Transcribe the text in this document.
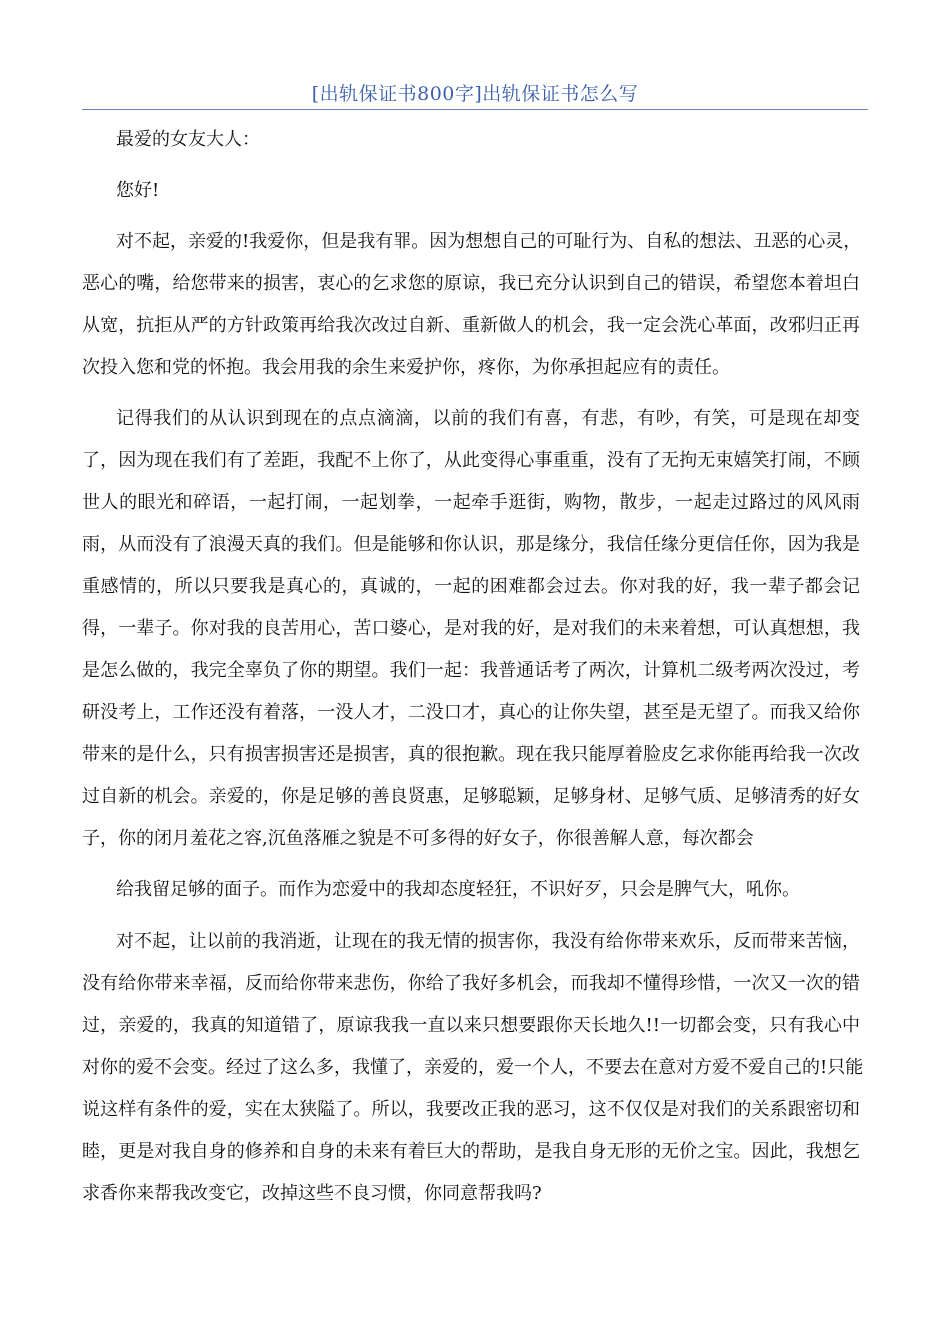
[出轨保证书800字]出轨保证书怎么写
最爱的女友大人：
您好!
对不起，亲爱的!我爱你，但是我有罪。因为想想自己的可耻行为、自私的想法、丑恶的心灵，
恶心的嘴，给您带来的损害，衷心的乞求您的原谅，我已充分认识到自己的错误，希望您本着坦白
从宽，抗拒从严的方针政策再给我次改过自新、重新做人的机会，我一定会洗心革面，改邪归正再
次投入您和党的怀抱。我会用我的余生来爱护你，疼你，为你承担起应有的责任。
记得我们的从认识到现在的点点滴滴，以前的我们有喜，有悲，有吵，有笑，可是现在却变
了，因为现在我们有了差距，我配不上你了，从此变得心事重重，没有了无拘无束嬉笑打闹，不顾
世人的眼光和碎语，一起打闹，一起划拳，一起牵手逛街，购物，散步，一起走过路过的风风雨
雨，从而没有了浪漫天真的我们。但是能够和你认识，那是缘分，我信任缘分更信任你，因为我是
重感情的，所以只要我是真心的，真诚的，一起的困难都会过去。你对我的好，我一辈子都会记
得，一辈子。你对我的良苦用心，苦口婆心，是对我的好，是对我们的未来着想，可认真想想，我
是怎么做的，我完全辜负了你的期望。我们一起：我普通话考了两次，计算机二级考两次没过，考
研没考上，工作还没有着落，一没人才，二没口才，真心的让你失望，甚至是无望了。而我又给你
带来的是什么，只有损害损害还是损害，真的很抱歉。现在我只能厚着脸皮乞求你能再给我一次改
过自新的机会。亲爱的，你是足够的善良贤惠，足够聪颖，足够身材、足够气质、足够清秀的好女
子，你的闭月羞花之容,沉鱼落雁之貌是不可多得的好女子，你很善解人意，每次都会
给我留足够的面子。而作为恋爱中的我却态度轻狂，不识好歹，只会是脾气大，吼你。
对不起，让以前的我消逝，让现在的我无情的损害你，我没有给你带来欢乐，反而带来苦恼，
没有给你带来幸福，反而给你带来悲伤，你给了我好多机会，而我却不懂得珍惜，一次又一次的错
过，亲爱的，我真的知道错了，原谅我我一直以来只想要跟你天长地久!!一切都会变，只有我心中
对你的爱不会变。经过了这么多，我懂了，亲爱的，爱一个人，不要去在意对方爱不爱自己的!只能
说这样有条件的爱，实在太狭隘了。所以，我要改正我的恶习，这不仅仅是对我们的关系跟密切和
睦，更是对我自身的修养和自身的未来有着巨大的帮助，是我自身无形的无价之宝。因此，我想乞
求香你来帮我改变它，改掉这些不良习惯，你同意帮我吗?
